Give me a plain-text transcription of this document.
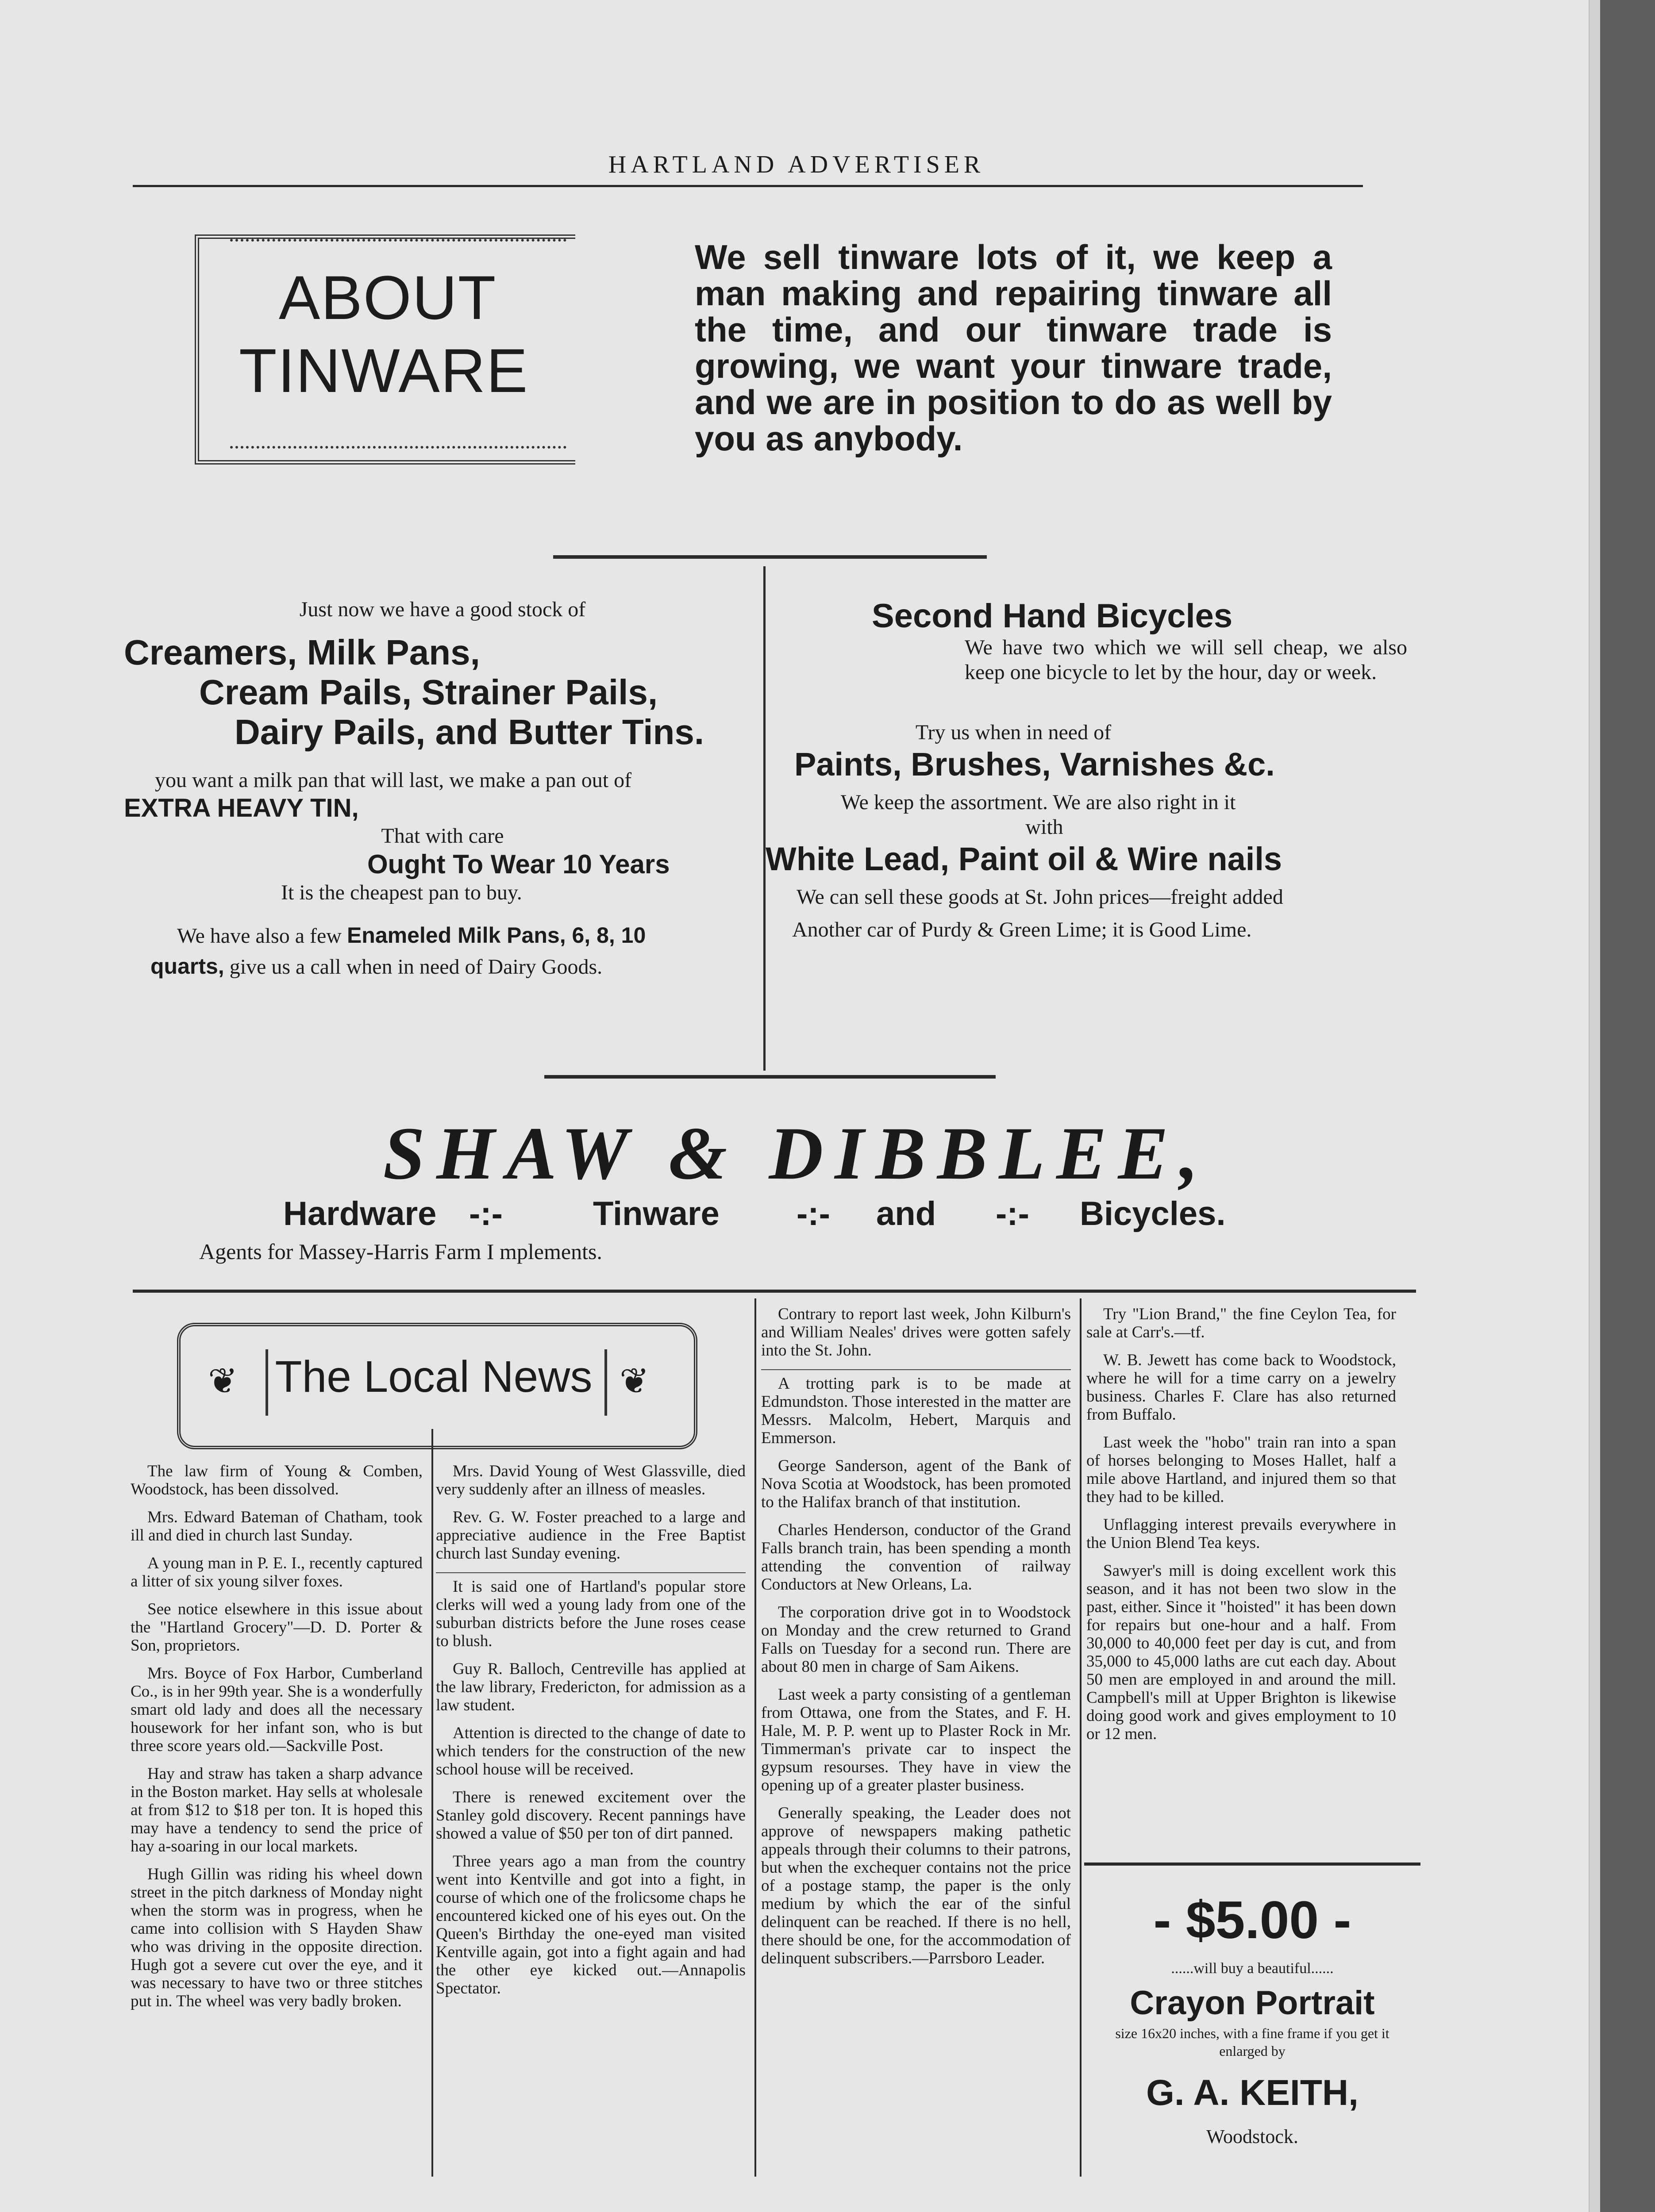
HARTLAND ADVERTISER
ABOUT
TINWARE
We sell tinware lots of it, we keep a man making and repairing tinware all the time, and our tinware trade is growing, we want your tinware trade, and we are in position to do as well by you as anybody.
Just now we have a good stock of
Creamers, Milk Pans,
Cream Pails, Strainer Pails,
Dairy Pails, and Butter Tins.
you want a milk pan that will last, we make a pan out of
EXTRA HEAVY TIN,
That with care
Ought To Wear 10 Years
It is the cheapest pan to buy.
We have also a few Enameled Milk Pans, 6, 8, 10
quarts, give us a call when in need of Dairy Goods.
Second Hand Bicycles
We have two which we will sell cheap, we also keep one bicycle to let by the hour, day or week.
Try us when in need of
Paints, Brushes, Varnishes &c.
We keep the assortment. We are also right in it
with
White Lead, Paint oil & Wire nails
We can sell these goods at St. John prices—freight added
Another car of Purdy & Green Lime; it is Good Lime.
SHAW & DIBBLEE,
Hardware -:-	Tinware -:- and -:- Bicycles.
Agents for Massey-Harris Farm I mplements.
❦	❦
The Local News

The law firm of Young & Comben, Woodstock, has been dissolved.

Mrs. Edward Bateman of Chatham, took ill and died in church last Sunday.

A young man in P. E. I., recently captured a litter of six young silver foxes.

See notice elsewhere in this issue about the "Hartland Grocery"—D. D. Porter & Son, proprietors.

Mrs. Boyce of Fox Harbor, Cumberland Co., is in her 99th year. She is a wonderfully smart old lady and does all the necessary housework for her infant son, who is but three score years old.—Sackville Post.

Hay and straw has taken a sharp advance in the Boston market. Hay sells at wholesale at from $12 to $18 per ton. It is hoped this may have a tendency to send the price of hay a-soaring in our local markets.

Hugh Gillin was riding his wheel down street in the pitch darkness of Monday night when the storm was in progress, when he came into collision with S Hayden Shaw who was driving in the opposite direction. Hugh got a severe cut over the eye, and it was necessary to have two or three stitches put in. The wheel was very badly broken.

Mrs. David Young of West Glassville, died very suddenly after an illness of measles.

Rev. G. W. Foster preached to a large and appreciative audience in the Free Baptist church last Sunday evening.

It is said one of Hartland's popular store clerks will wed a young lady from one of the suburban districts before the June roses cease to blush.

Guy R. Balloch, Centreville has applied at the law library, Fredericton, for admission as a law student.

Attention is directed to the change of date to which tenders for the construction of the new school house will be received.

There is renewed excitement over the Stanley gold discovery. Recent pannings have showed a value of $50 per ton of dirt panned.

Three years ago a man from the country went into Kentville and got into a fight, in course of which one of the frolicsome chaps he encountered kicked one of his eyes out. On the Queen's Birthday the one-eyed man visited Kentville again, got into a fight again and had the other eye kicked out.—Annapolis Spectator.

Contrary to report last week, John Kilburn's and William Neales' drives were gotten safely into the St. John.

A trotting park is to be made at Edmundston. Those interested in the matter are Messrs. Malcolm, Hebert, Marquis and Emmerson.

George Sanderson, agent of the Bank of Nova Scotia at Woodstock, has been promoted to the Halifax branch of that institution.

Charles Henderson, conductor of the Grand Falls branch train, has been spending a month attending the convention of railway Conductors at New Orleans, La.

The corporation drive got in to Woodstock on Monday and the crew returned to Grand Falls on Tuesday for a second run. There are about 80 men in charge of Sam Aikens.

Last week a party consisting of a gentleman from Ottawa, one from the States, and F. H. Hale, M. P. P. went up to Plaster Rock in Mr. Timmerman's private car to inspect the gypsum resourses. They have in view the opening up of a greater plaster business.

Generally speaking, the Leader does not approve of newspapers making pathetic appeals through their columns to their patrons, but when the exchequer contains not the price of a postage stamp, the paper is the only medium by which the ear of the sinful delinquent can be reached. If there is no hell, there should be one, for the accommodation of delinquent subscribers.—Parrsboro Leader.

Try "Lion Brand," the fine Ceylon Tea, for sale at Carr's.—tf.

W. B. Jewett has come back to Woodstock, where he will for a time carry on a jewelry business. Charles F. Clare has also returned from Buffalo.

Last week the "hobo" train ran into a span of horses belonging to Moses Hallet, half a mile above Hartland, and injured them so that they had to be killed.

Unflagging interest prevails everywhere in the Union Blend Tea keys.

Sawyer's mill is doing excellent work this season, and it has not been two slow in the past, either. Since it "hoisted" it has been down for repairs but one-hour and a half. From 30,000 to 40,000 feet per day is cut, and from 35,000 to 45,000 laths are cut each day. About 50 men are employed in and around the mill. Campbell's mill at Upper Brighton is likewise doing good work and gives employment to 10 or 12 men.

- $5.00 -
......will buy a beautiful......
Crayon Portrait
size 16x20 inches, with a fine frame if you get it enlarged by
G. A. KEITH,
Woodstock.
